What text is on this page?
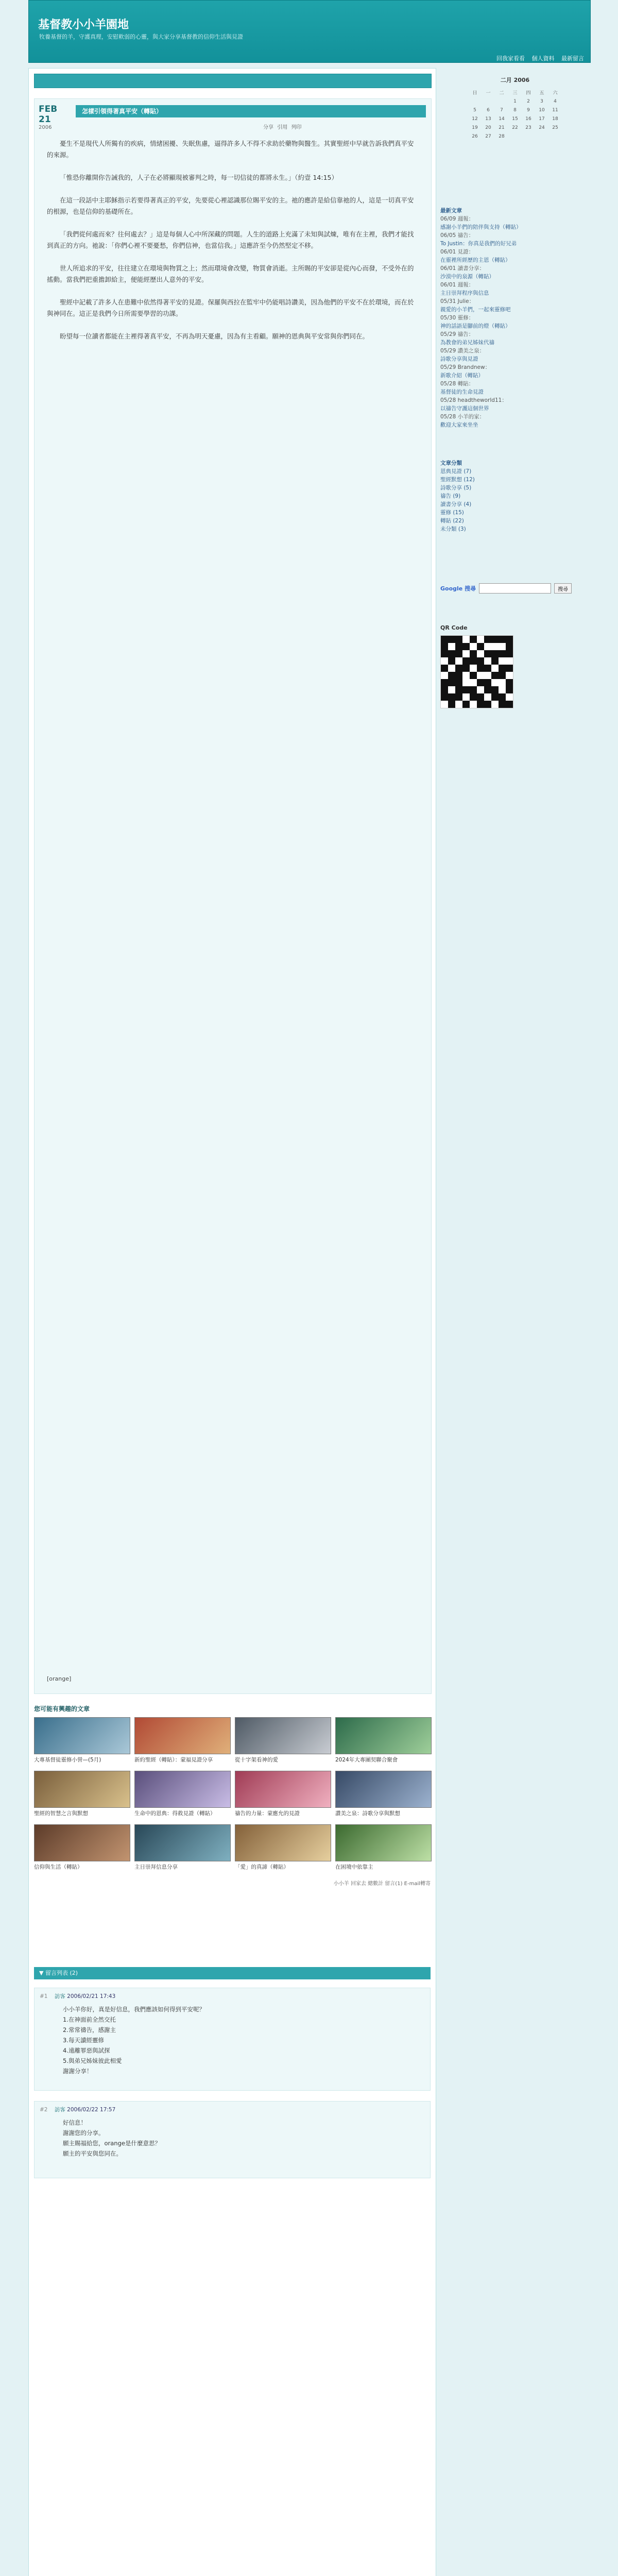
基督教小小羊園地
牧養基督的羊，守護真理，安慰軟弱的心靈，與大家分享基督教的信仰生活與見證
回我家看看 個人資料 最新留言
FEB 21
2006
怎樣引領得著真平安（轉貼）
分享 引用 列印

憂生不是現代人所獨有的疾病，情緒困擾、失眠焦慮，逼得許多人不得不求助於藥物與醫生。其實聖經中早就告訴我們真平安的來源。

「惟恐你離開你告誡我的，人子在必將顯現被審判之時，每一切信徒的都將永生。」（約壹 14:15）

在這一段話中主耶穌指示若要得著真正的平安，先要從心裡認識那位賜平安的主。祂的應許是給信靠祂的人，這是一切真平安的根源，也是信仰的基礎所在。

「我們從何處而來？往何處去？」這是每個人心中所深藏的問題。人生的道路上充滿了未知與試煉，唯有在主裡，我們才能找到真正的方向。祂說：「你們心裡不要憂愁，你們信神，也當信我。」這應許至今仍然堅定不移。

世人所追求的平安，往往建立在環境與物質之上；然而環境會改變，物質會消逝。主所賜的平安卻是從內心而發，不受外在的搖動。當我們把重擔卸給主，便能經歷出人意外的平安。

聖經中記載了許多人在患難中依然得著平安的見證。保羅與西拉在監牢中仍能唱詩讚美，因為他們的平安不在於環境，而在於與神同在。這正是我們今日所需要學習的功課。

盼望每一位讀者都能在主裡得著真平安，不再為明天憂慮，因為有主看顧。願神的恩典與平安常與你們同在。

[orange]
您可能有興趣的文章
大專基督徒靈修小營—(5月)	新約聖經（轉貼）：蒙福見證分享	從十字架看神的愛	2024年大專團契聯合聚會
聖經的智慧之言與默想	生命中的恩典：得救見證（轉貼）	禱告的力量：蒙應允的見證	讚美之泉：詩歌分享與默想
信仰與生活（轉貼）	主日崇拜信息分享	「愛」的真諦（轉貼）	在困境中依靠主
小小羊 回家去 總數計 留言(1) E-mail轉寄
▼ 留言列表 (2)
#1 訪客 2006/02/21 17:43
小小羊你好，真是好信息，我們應該如何得到平安呢？
1.在神面前全然交托
2.常常禱告，感謝主
3.每天讀經靈修
4.遠離罪惡與試探
5.與弟兄姊妹彼此相愛
謝謝分享！
#2 訪客 2006/02/22 17:57
好信息！
謝謝您的分享。
願主賜福給您，orange是什麼意思？
願主的平安與您同在。
二月 2006
日	一	二	三	四	五	六
			1	2	3	4
5	6	7	8	9	10	11
12	13	14	15	16	17	18
19	20	21	22	23	24	25
26	27	28				
最新文章
06/09 週報：
感謝小羊們的陪伴與支持（轉貼）
06/05 禱告：
To Justin：你真是我們的好兄弟
06/01 見證：
在靈裡所經歷的主恩（轉貼）
06/01 讀書分享：
沙漠中的泉源（轉貼）
06/01 週報：
主日崇拜程序與信息
05/31 Julie：
親愛的小羊們，一起來靈修吧
05/30 靈修：
神的話語是腳前的燈（轉貼）
05/29 禱告：
為教會的弟兄姊妹代禱
05/29 讚美之泉：
詩歌分享與見證
05/29 Brandnew：
新歌介紹（轉貼）
05/28 轉貼：
基督徒的生命見證
05/28 headtheworld11：
以禱告守護這個世界
05/28 小羊的家：
歡迎大家來坐坐
文章分類
恩典見證 (7)
聖經默想 (12)
詩歌分享 (5)
禱告 (9)
讀書分享 (4)
靈修 (15)
轉貼 (22)
未分類 (3)
Google 搜尋	搜尋
QR Code
